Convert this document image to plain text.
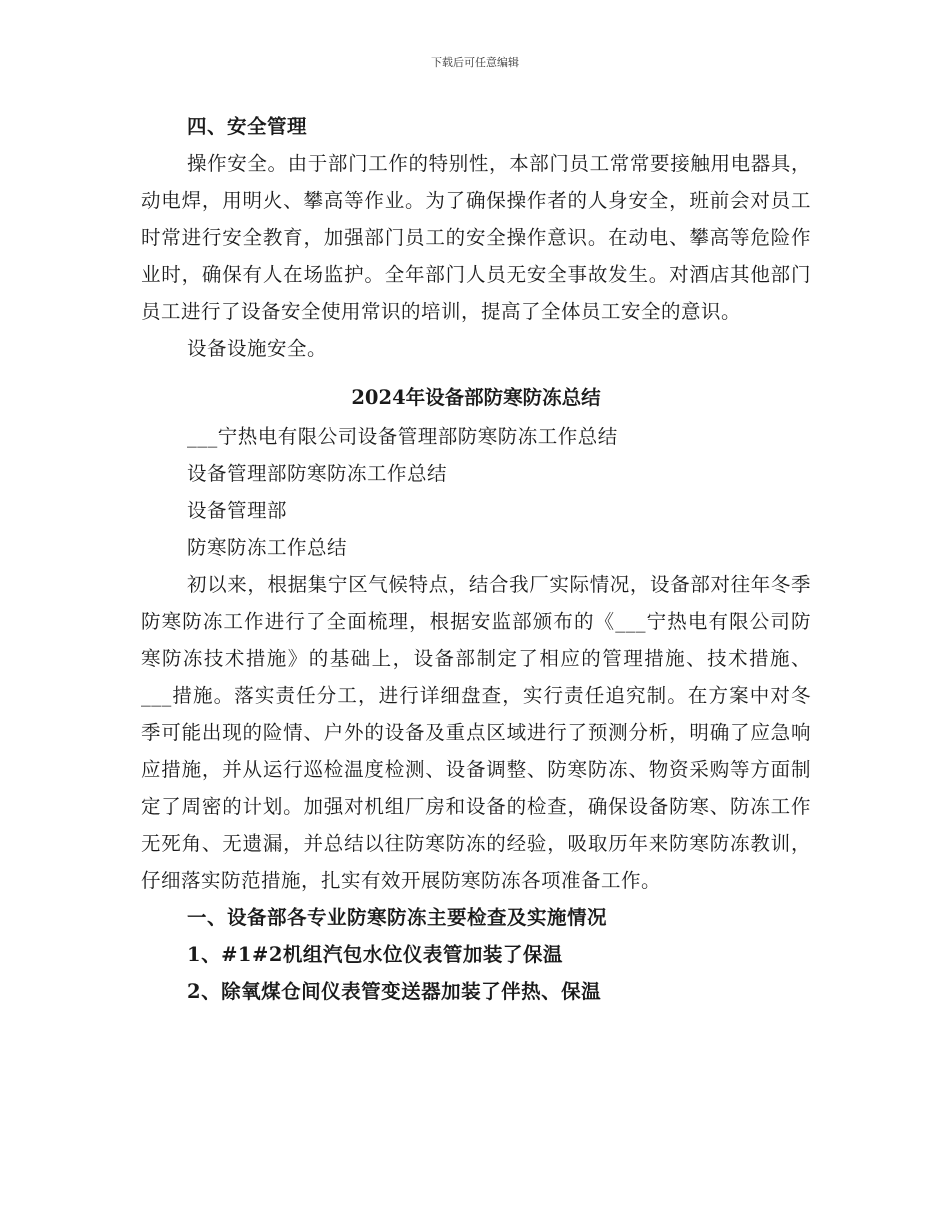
下载后可任意编辑
四、安全管理
操作安全。由于部门工作的特别性，本部门员工常常要接触用电器具，动电焊，用明火、攀高等作业。为了确保操作者的人身安全，班前会对员工时常进行安全教育，加强部门员工的安全操作意识。在动电、攀高等危险作业时，确保有人在场监护。全年部门人员无安全事故发生。对酒店其他部门员工进行了设备安全使用常识的培训，提高了全体员工安全的意识。
设备设施安全。
2024年设备部防寒防冻总结
___宁热电有限公司设备管理部防寒防冻工作总结
设备管理部防寒防冻工作总结
设备管理部
防寒防冻工作总结
初以来，根据集宁区气候特点，结合我厂实际情况，设备部对往年冬季防寒防冻工作进行了全面梳理，根据安监部颁布的《___宁热电有限公司防寒防冻技术措施》的基础上，设备部制定了相应的管理措施、技术措施、___措施。落实责任分工，进行详细盘查，实行责任追究制。在方案中对冬季可能出现的险情、户外的设备及重点区域进行了预测分析，明确了应急响应措施，并从运行巡检温度检测、设备调整、防寒防冻、物资采购等方面制定了周密的计划。加强对机组厂房和设备的检查，确保设备防寒、防冻工作无死角、无遗漏，并总结以往防寒防冻的经验，吸取历年来防寒防冻教训，仔细落实防范措施，扎实有效开展防寒防冻各项准备工作。
一、设备部各专业防寒防冻主要检查及实施情况
1、#1#2机组汽包水位仪表管加装了保温
2、除氧煤仓间仪表管变送器加装了伴热、保温
